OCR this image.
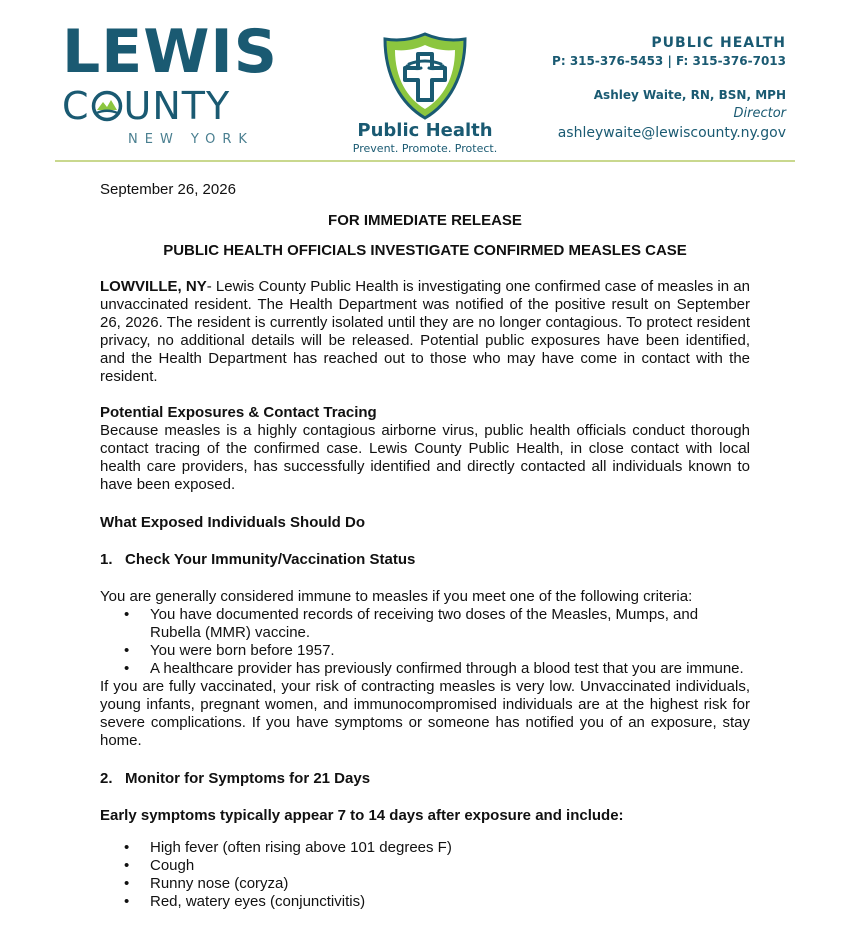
LEWIS
C UNTY
NEW YORK	Public Health
Prevent. Promote. Protect.
PUBLIC HEALTH
P: 315-376-5453 | F: 315-376-7013
Ashley Waite, RN, BSN, MPH
Director
ashleywaite@lewiscounty.ny.gov

September 26, 2026

FOR IMMEDIATE RELEASE

PUBLIC HEALTH OFFICIALS INVESTIGATE CONFIRMED MEASLES CASE

LOWVILLE, NY- Lewis County Public Health is investigating one confirmed case of measles in an unvaccinated resident. The Health Department was notified of the positive result on September 26, 2026. The resident is currently isolated until they are no longer contagious. To protect resident privacy, no additional details will be released. Potential public exposures have been identified, and the Health Department has reached out to those who may have come in contact with the resident.

Potential Exposures & Contact Tracing

Because measles is a highly contagious airborne virus, public health officials conduct thorough contact tracing of the confirmed case. Lewis County Public Health, in close contact with local health care providers, has successfully identified and directly contacted all individuals known to have been exposed.

What Exposed Individuals Should Do

1. Check Your Immunity/Vaccination Status

You are generally considered immune to measles if you meet one of the following criteria:

• You have documented records of receiving two doses of the Measles, Mumps, and Rubella (MMR) vaccine.
• You were born before 1957.
• A healthcare provider has previously confirmed through a blood test that you are immune.

If you are fully vaccinated, your risk of contracting measles is very low. Unvaccinated individuals, young infants, pregnant women, and immunocompromised individuals are at the highest risk for severe complications. If you have symptoms or someone has notified you of an exposure, stay home.

2. Monitor for Symptoms for 21 Days

Early symptoms typically appear 7 to 14 days after exposure and include:

• High fever (often rising above 101 degrees F)
• Cough
• Runny nose (coryza)
• Red, watery eyes (conjunctivitis)
